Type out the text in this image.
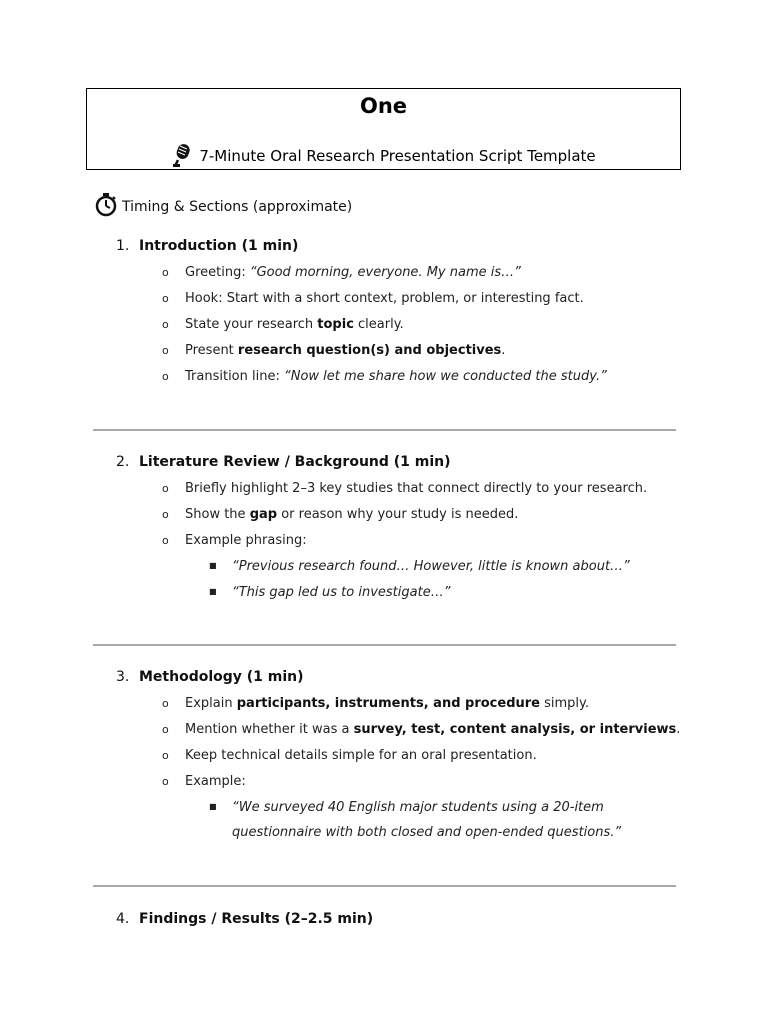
One
7-Minute Oral Research Presentation Script Template
Timing & Sections (approximate)
1. Introduction (1 min)
o Greeting: “Good morning, everyone. My name is…”
o Hook: Start with a short context, problem, or interesting fact.
o State your research topic clearly.
o Present research question(s) and objectives.
o Transition line: “Now let me share how we conducted the study.”
2. Literature Review / Background (1 min)
o Briefly highlight 2–3 key studies that connect directly to your research.
o Show the gap or reason why your study is needed.
o Example phrasing:
■ “Previous research found… However, little is known about…”
■ “This gap led us to investigate…”
3. Methodology (1 min)
o Explain participants, instruments, and procedure simply.
o Mention whether it was a survey, test, content analysis, or interviews.
o Keep technical details simple for an oral presentation.
o Example:
■ “We surveyed 40 English major students using a 20-item
questionnaire with both closed and open-ended questions.”
4. Findings / Results (2–2.5 min)
